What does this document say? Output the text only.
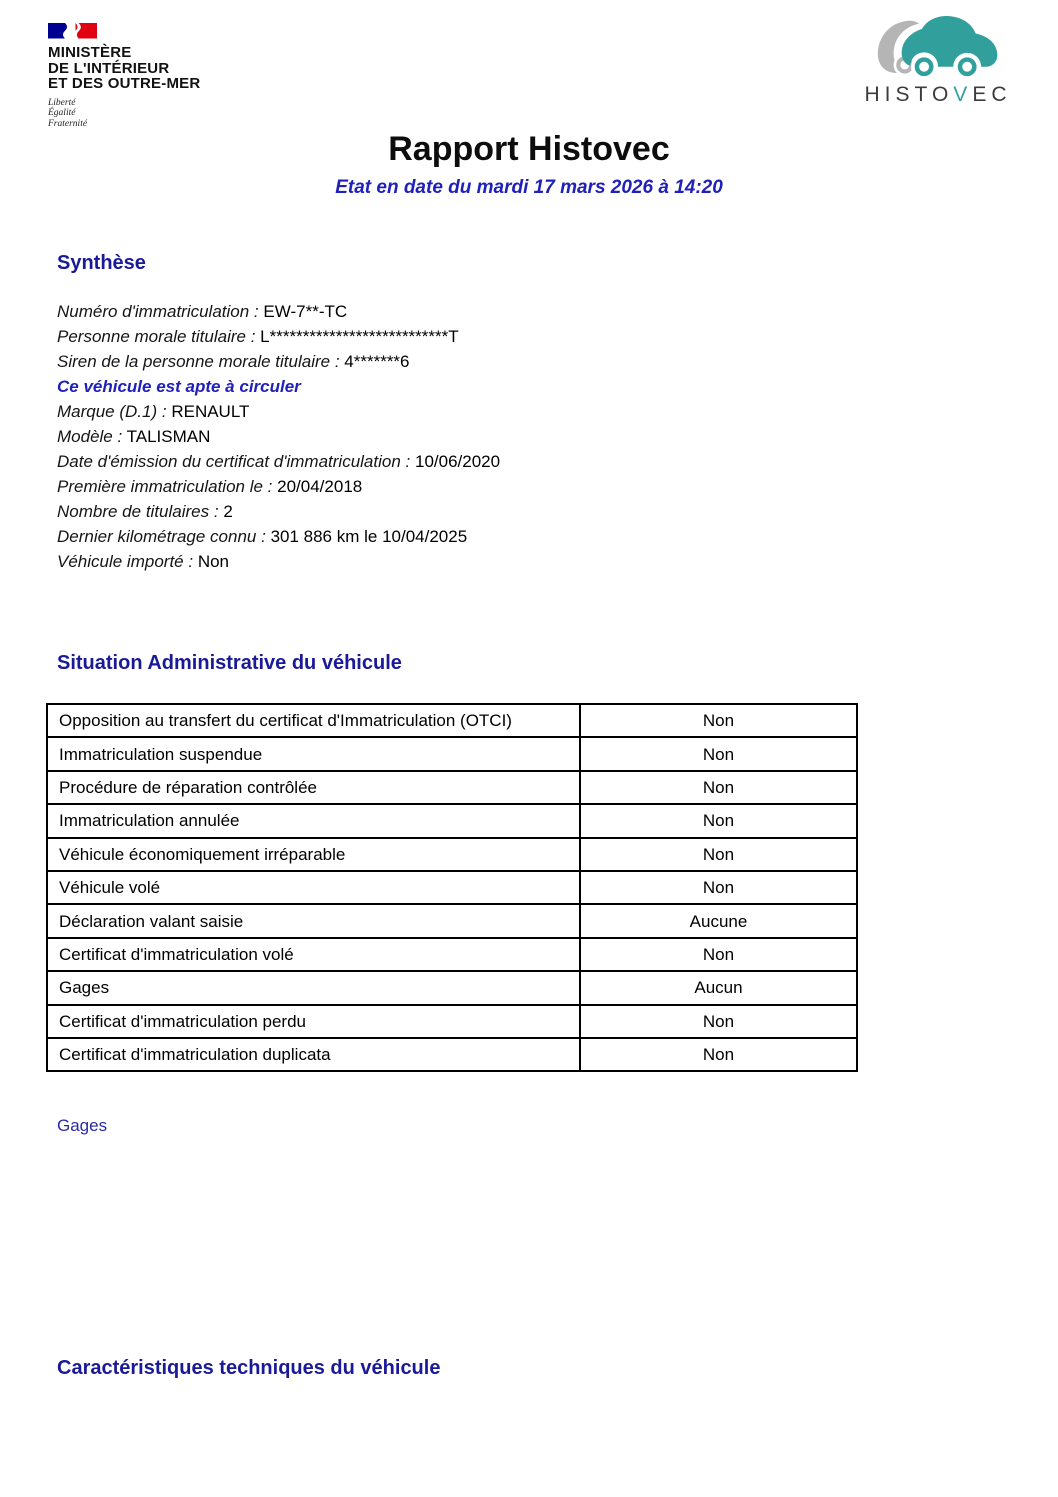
MINISTÈRE
DE L'INTÉRIEUR
ET DES OUTRE-MER
Liberté
Égalité
Fraternité
HISTOVEC
Rapport Histovec
Etat en date du mardi 17 mars 2026 à 14:20
Synthèse
Numéro d'immatriculation : EW-7**-TC
Personne morale titulaire : L***************************T
Siren de la personne morale titulaire : 4*******6
Ce véhicule est apte à circuler
Marque (D.1) : RENAULT
Modèle : TALISMAN
Date d'émission du certificat d'immatriculation : 10/06/2020
Première immatriculation le : 20/04/2018
Nombre de titulaires : 2
Dernier kilométrage connu : 301 886 km le 10/04/2025
Véhicule importé : Non
Situation Administrative du véhicule
Opposition au transfert du certificat d'Immatriculation (OTCI)	Non
Immatriculation suspendue	Non
Procédure de réparation contrôlée	Non
Immatriculation annulée	Non
Véhicule économiquement irréparable	Non
Véhicule volé	Non
Déclaration valant saisie	Aucune
Certificat d'immatriculation volé	Non
Gages	Aucun
Certificat d'immatriculation perdu	Non
Certificat d'immatriculation duplicata	Non
Gages
Caractéristiques techniques du véhicule
